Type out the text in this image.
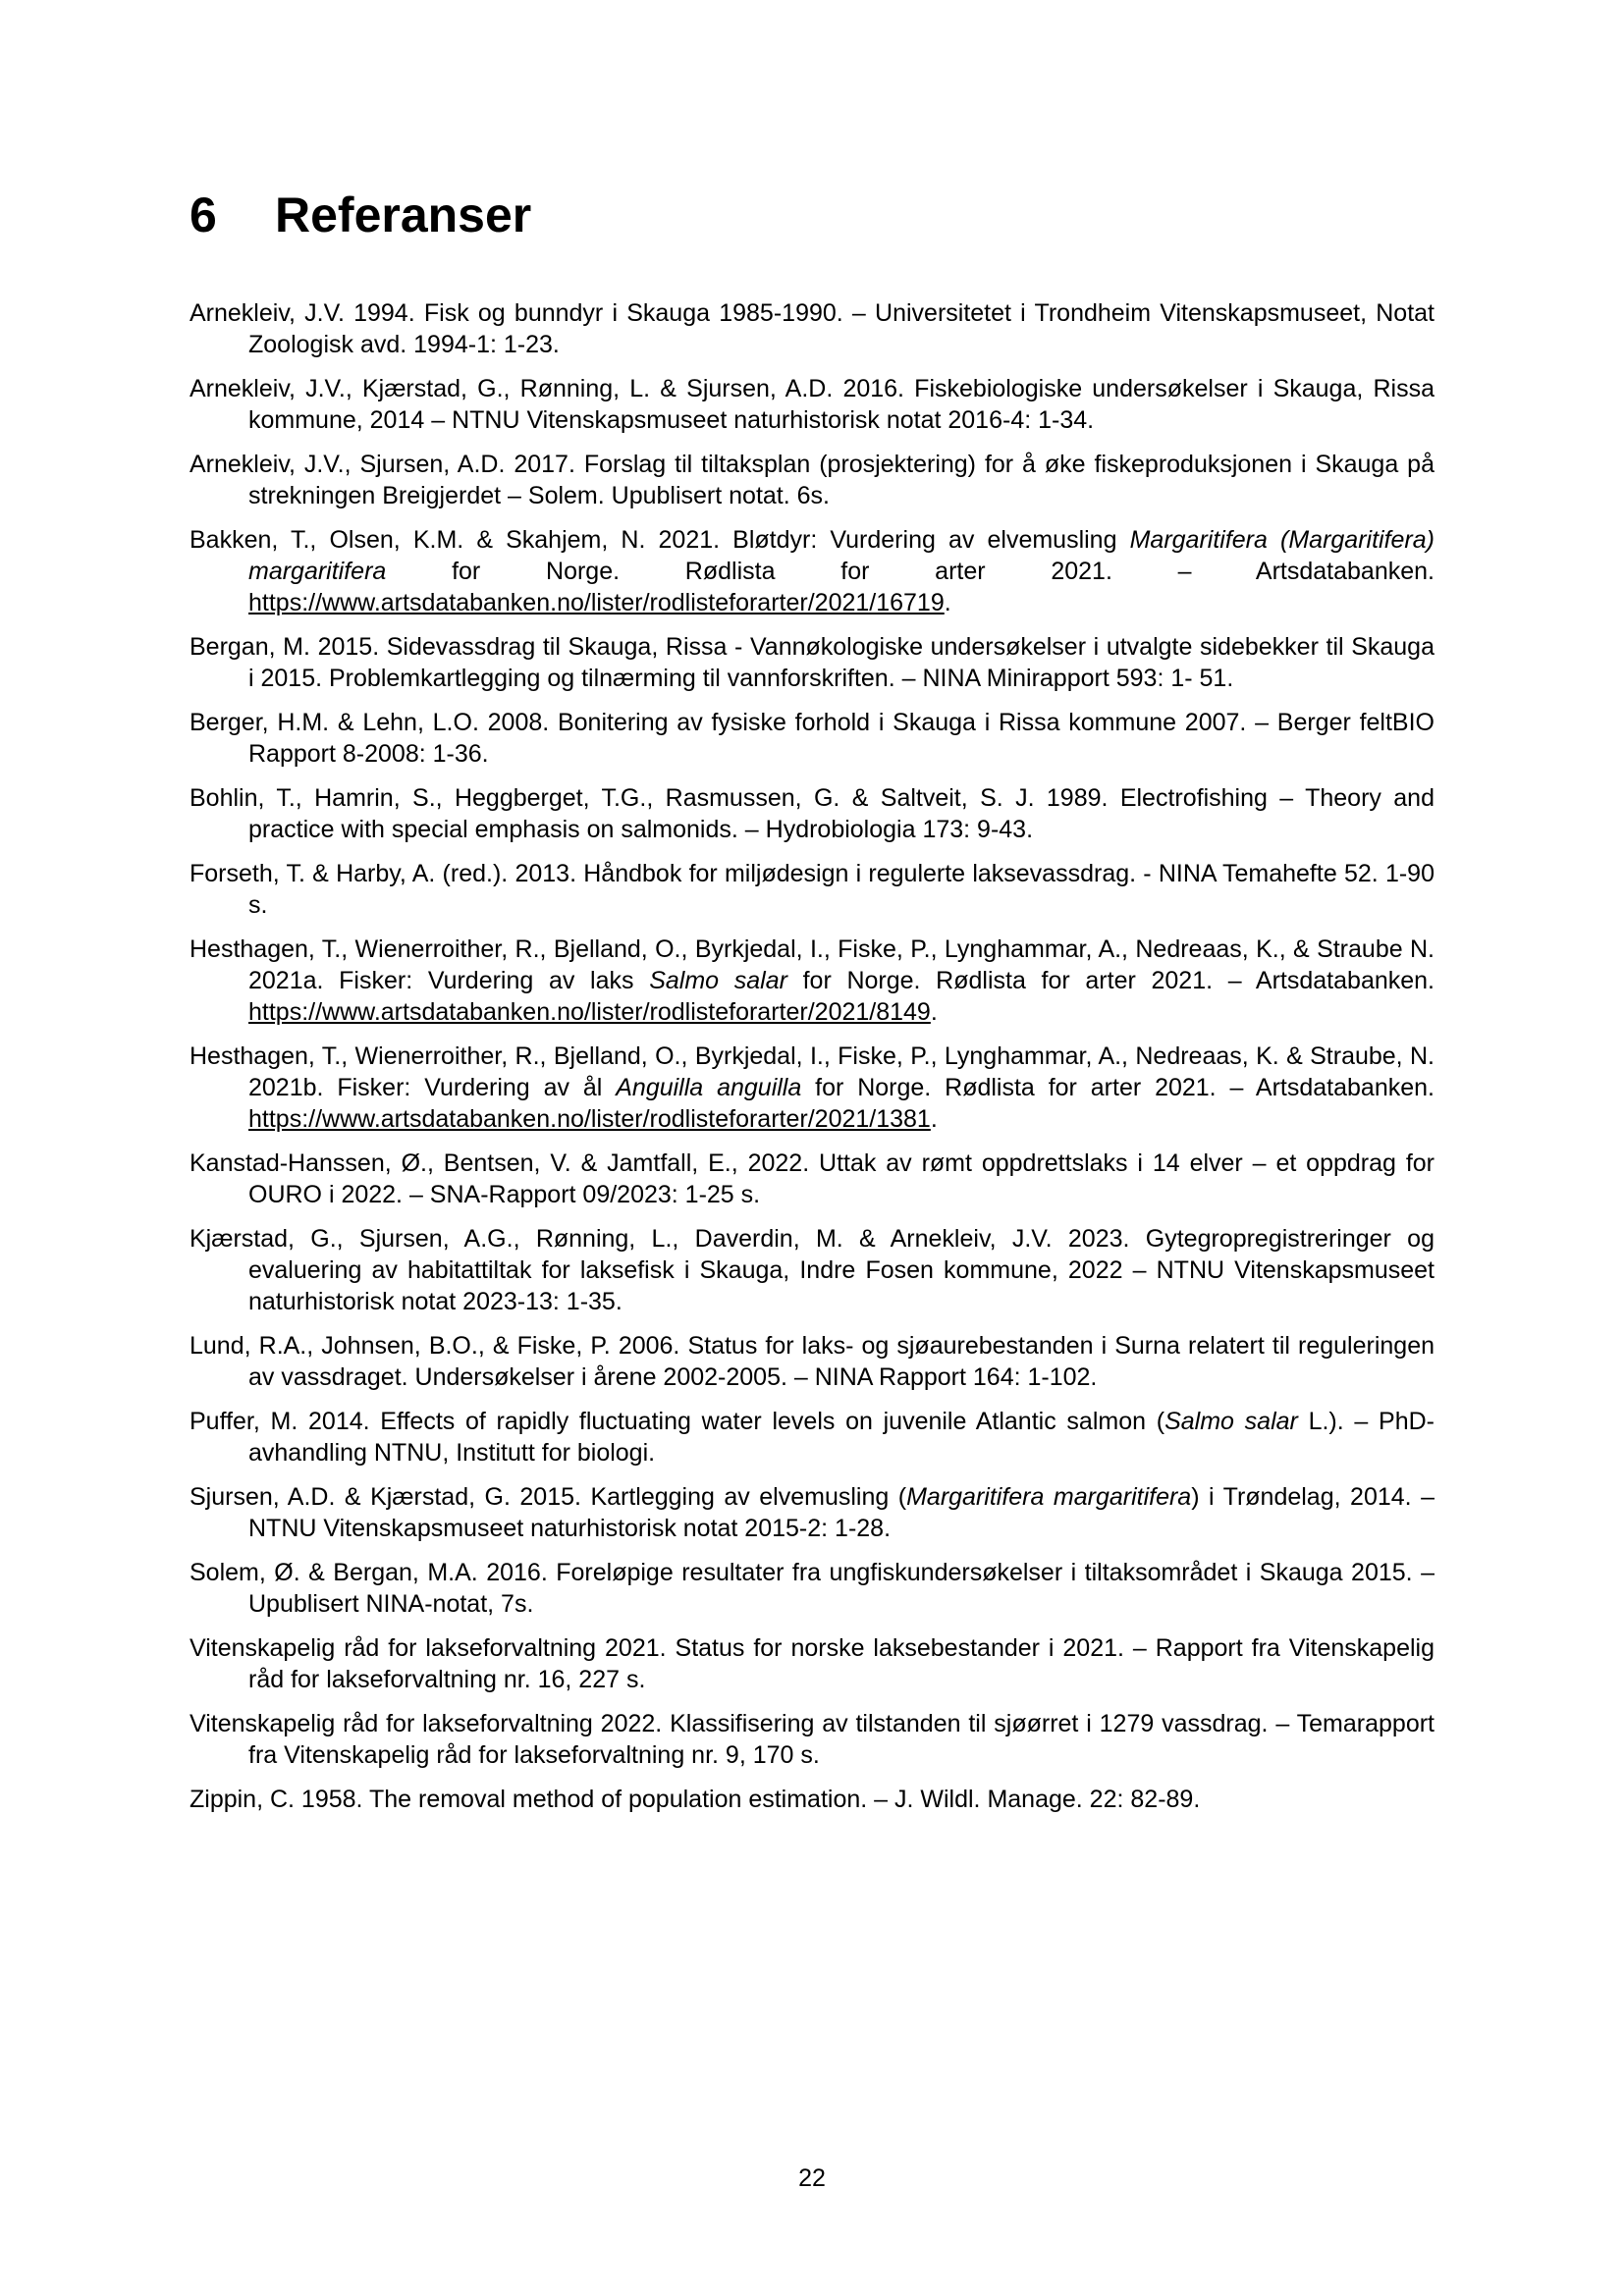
6	Referanser

Arnekleiv, J.V. 1994. Fisk og bunndyr i Skauga 1985-1990. – Universitetet i Trondheim Vitenskapsmuseet, Notat Zoologisk avd. 1994-1: 1-23.

Arnekleiv, J.V., Kjærstad, G., Rønning, L. & Sjursen, A.D. 2016. Fiskebiologiske undersøkelser i Skauga, Rissa kommune, 2014 – NTNU Vitenskapsmuseet naturhistorisk notat 2016-4: 1-34.

Arnekleiv, J.V., Sjursen, A.D. 2017. Forslag til tiltaksplan (prosjektering) for å øke fiskeproduksjonen i Skauga på strekningen Breigjerdet – Solem. Upublisert notat. 6s.

Bakken, T., Olsen, K.M. & Skahjem, N. 2021. Bløtdyr: Vurdering av elvemusling Margaritifera (Margaritifera) margaritifera for Norge. Rødlista for arter 2021. – Artsdatabanken. https://www.artsdatabanken.no/lister/rodlisteforarter/2021/16719.

Bergan, M. 2015. Sidevassdrag til Skauga, Rissa - Vannøkologiske undersøkelser i utvalgte sidebekker til Skauga i 2015. Problemkartlegging og tilnærming til vannforskriften. – NINA Minirapport 593: 1- 51.

Berger, H.M. & Lehn, L.O. 2008. Bonitering av fysiske forhold i Skauga i Rissa kommune 2007. – Berger feltBIO Rapport 8-2008: 1-36.

Bohlin, T., Hamrin, S., Heggberget, T.G., Rasmussen, G. & Saltveit, S. J. 1989. Electrofishing – Theory and practice with special emphasis on salmonids. – Hydrobiologia 173: 9-43.

Forseth, T. & Harby, A. (red.). 2013. Håndbok for miljødesign i regulerte laksevassdrag. - NINA Temahefte 52. 1-90 s.

Hesthagen, T., Wienerroither, R., Bjelland, O., Byrkjedal, I., Fiske, P., Lynghammar, A., Nedreaas, K., & Straube N. 2021a. Fisker: Vurdering av laks Salmo salar for Norge. Rødlista for arter 2021. – Artsdatabanken. https://www.artsdatabanken.no/lister/rodlisteforarter/2021/8149.

Hesthagen, T., Wienerroither, R., Bjelland, O., Byrkjedal, I., Fiske, P., Lynghammar, A., Nedreaas, K. & Straube, N. 2021b. Fisker: Vurdering av ål Anguilla anguilla for Norge. Rødlista for arter 2021. – Artsdatabanken. https://www.artsdatabanken.no/lister/rodlisteforarter/2021/1381.

Kanstad-Hanssen, Ø., Bentsen, V. & Jamtfall, E., 2022. Uttak av rømt oppdrettslaks i 14 elver – et oppdrag for OURO i 2022. – SNA-Rapport 09/2023: 1-25 s.

Kjærstad, G., Sjursen, A.G., Rønning, L., Daverdin, M. & Arnekleiv, J.V. 2023. Gytegropregistreringer og evaluering av habitattiltak for laksefisk i Skauga, Indre Fosen kommune, 2022 – NTNU Vitenskapsmuseet naturhistorisk notat 2023-13: 1-35.

Lund, R.A., Johnsen, B.O., & Fiske, P. 2006. Status for laks- og sjøaurebestanden i Surna relatert til reguleringen av vassdraget. Undersøkelser i årene 2002-2005. – NINA Rapport 164: 1-102.

Puffer, M. 2014. Effects of rapidly fluctuating water levels on juvenile Atlantic salmon (Salmo salar L.). – PhD-avhandling NTNU, Institutt for biologi.

Sjursen, A.D. & Kjærstad, G. 2015. Kartlegging av elvemusling (Margaritifera margaritifera) i Trøndelag, 2014. – NTNU Vitenskapsmuseet naturhistorisk notat 2015-2: 1-28.

Solem, Ø. & Bergan, M.A. 2016. Foreløpige resultater fra ungfiskundersøkelser i tiltaksområdet i Skauga 2015. – Upublisert NINA-notat, 7s.

Vitenskapelig råd for lakseforvaltning 2021. Status for norske laksebestander i 2021. – Rapport fra Vitenskapelig råd for lakseforvaltning nr. 16, 227 s.

Vitenskapelig råd for lakseforvaltning 2022. Klassifisering av tilstanden til sjøørret i 1279 vassdrag. – Temarapport fra Vitenskapelig råd for lakseforvaltning nr. 9, 170 s.

Zippin, C. 1958. The removal method of population estimation. – J. Wildl. Manage. 22: 82-89.

22
